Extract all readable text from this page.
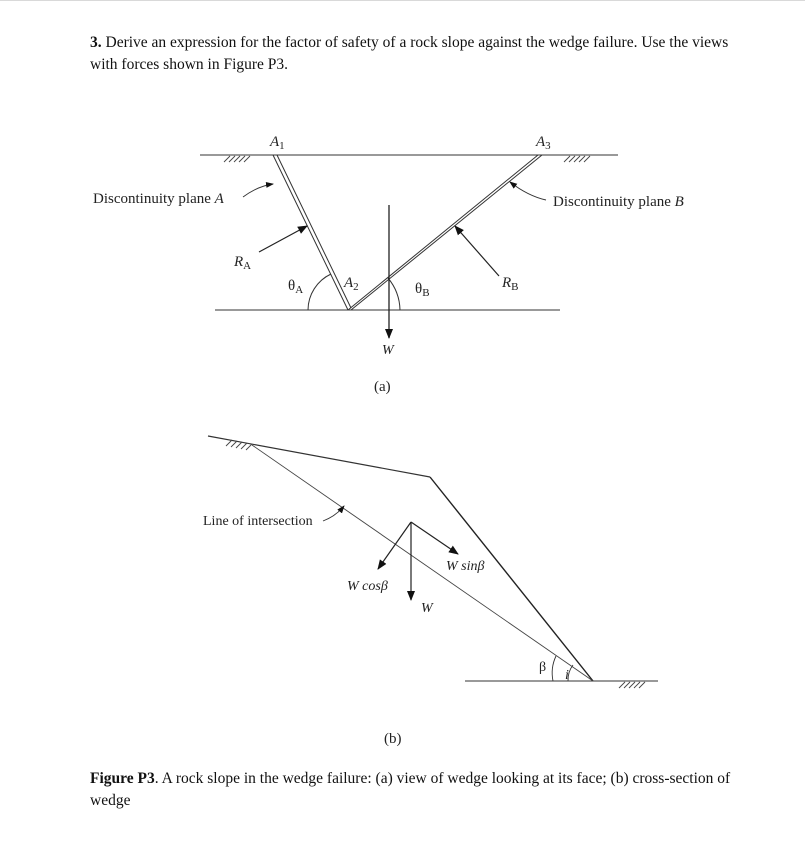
3. Derive an expression for the factor of safety of a rock slope against the wedge failure. Use the views with forces shown in Figure P3.
$A_1$	$A_3$
$A_2$
Discontinuity plane A	Discontinuity plane B
$R_A$
$R_B$
$\theta_A$	$\theta_B$
W
(a)
Line of intersection
W sinβ
W cosβ
W
β
i
(b)
Figure P3. A rock slope in the wedge failure: (a) view of wedge looking at its face; (b) cross-section of wedge
